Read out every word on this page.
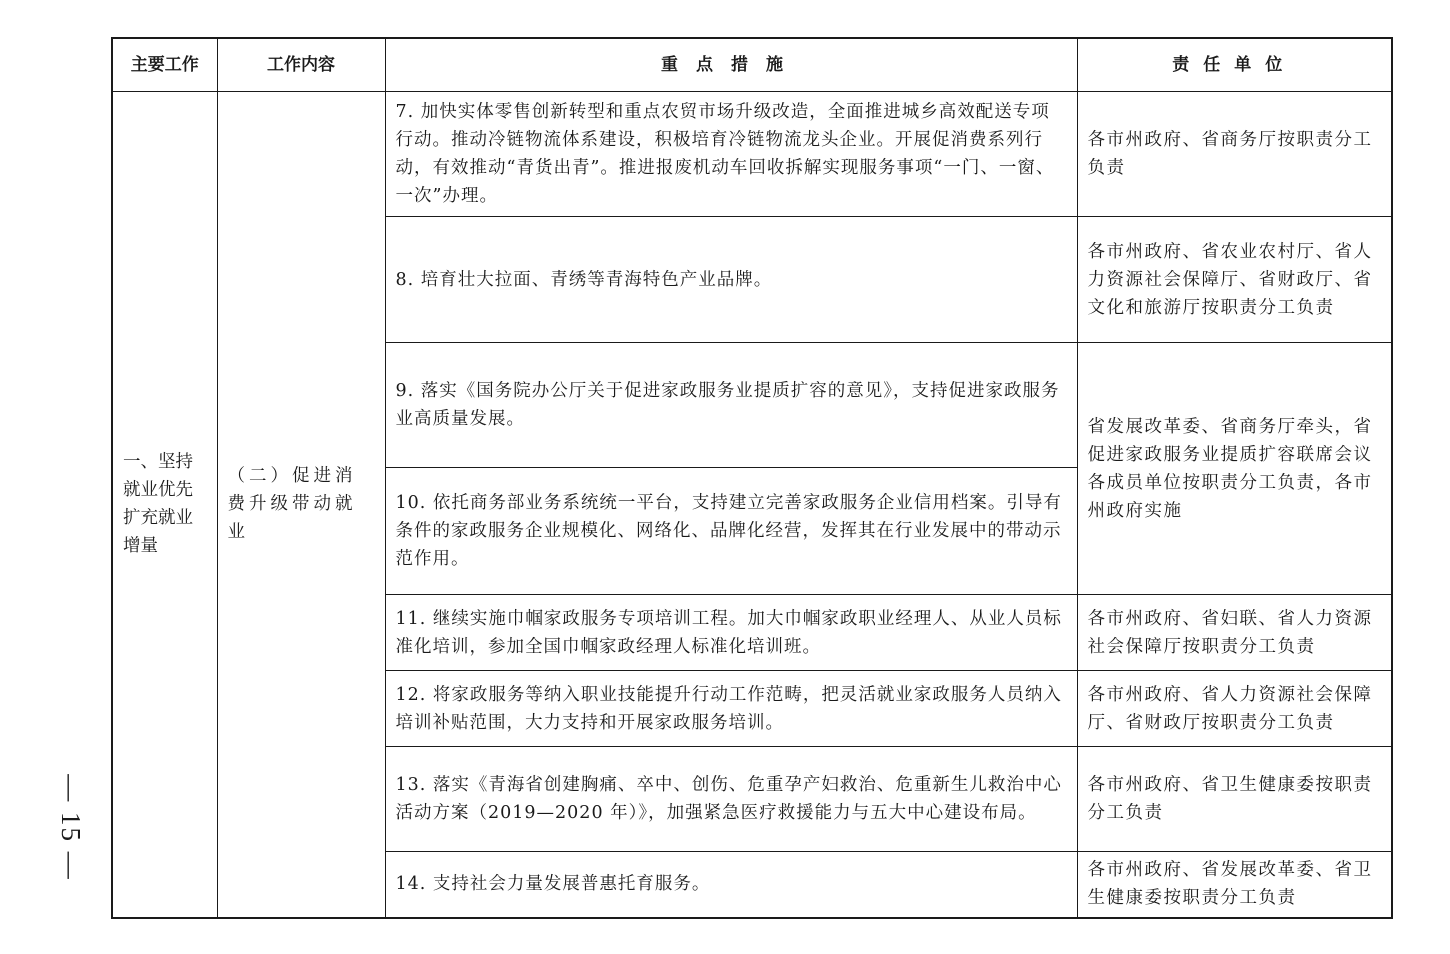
— 15 —
主要工作	工作内容	重点措施	责任单位
一、坚持就业优先扩充就业增量	（二）促进消费升级带动就业	7. 加快实体零售创新转型和重点农贸市场升级改造，全面推进城乡高效配送专项行动。推动冷链物流体系建设，积极培育冷链物流龙头企业。开展促消费系列行动，有效推动“青货出青”。推进报废机动车回收拆解实现服务事项“一门、一窗、一次”办理。	各市州政府、省商务厅按职责分工负责
		8. 培育壮大拉面、青绣等青海特色产业品牌。	各市州政府、省农业农村厅、省人力资源社会保障厅、省财政厅、省文化和旅游厅按职责分工负责
		9. 落实《国务院办公厅关于促进家政服务业提质扩容的意见》，支持促进家政服务业高质量发展。	省发展改革委、省商务厅牵头，省促进家政服务业提质扩容联席会议各成员单位按职责分工负责，各市州政府实施
		10. 依托商务部业务系统统一平台，支持建立完善家政服务企业信用档案。引导有条件的家政服务企业规模化、网络化、品牌化经营，发挥其在行业发展中的带动示范作用。	
		11. 继续实施巾帼家政服务专项培训工程。加大巾帼家政职业经理人、从业人员标准化培训，参加全国巾帼家政经理人标准化培训班。	各市州政府、省妇联、省人力资源社会保障厅按职责分工负责
		12. 将家政服务等纳入职业技能提升行动工作范畴，把灵活就业家政服务人员纳入培训补贴范围，大力支持和开展家政服务培训。	各市州政府、省人力资源社会保障厅、省财政厅按职责分工负责
		13. 落实《青海省创建胸痛、卒中、创伤、危重孕产妇救治、危重新生儿救治中心活动方案（2019—2020 年）》，加强紧急医疗救援能力与五大中心建设布局。	各市州政府、省卫生健康委按职责分工负责
		14. 支持社会力量发展普惠托育服务。	各市州政府、省发展改革委、省卫生健康委按职责分工负责
